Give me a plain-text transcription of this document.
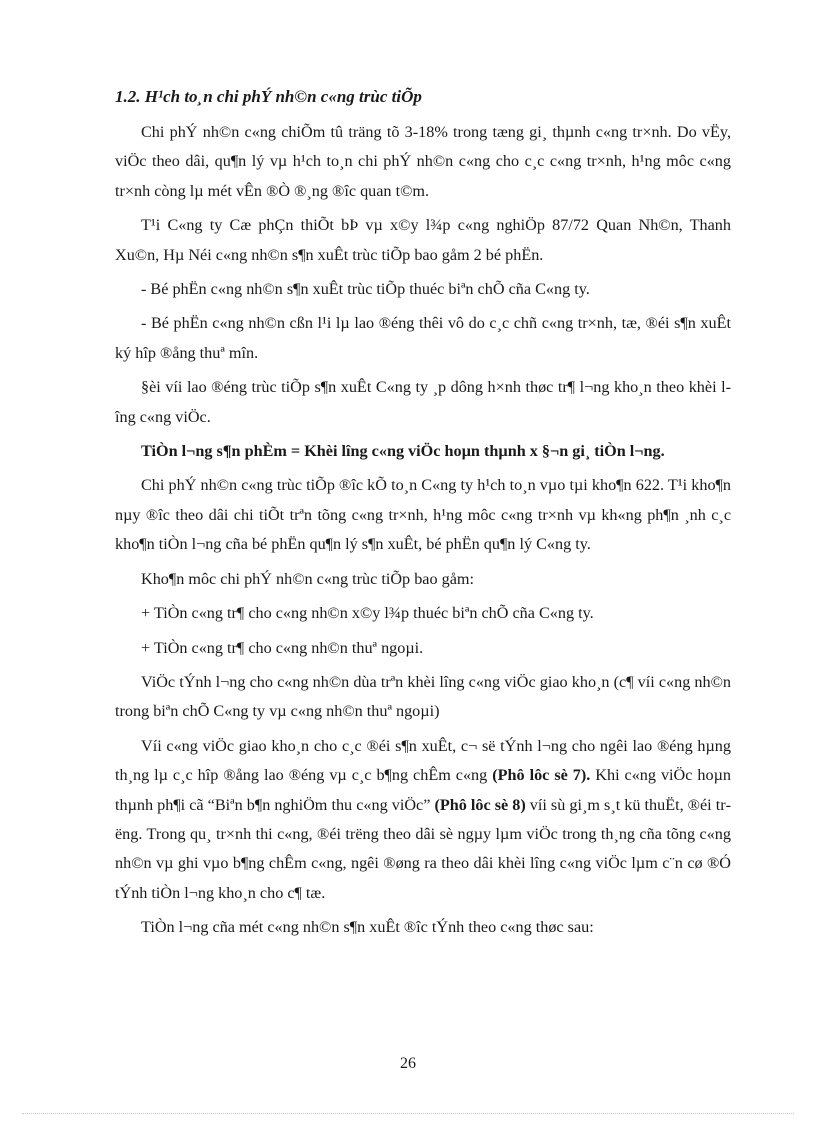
1.2. H¹ch to¸n chi phÝ nh©n c«ng trùc tiÕp

Chi phÝ nh©n c«ng chiÕm tû träng tõ 3-18% trong tæng gi¸ thµnh c«ng tr×nh. Do vËy, viÖc theo dâi, qu¶n lý vµ h¹ch to¸n chi phÝ nh©n c«ng cho c¸c c«ng tr×nh, h¹ng môc c«ng tr×nh còng lµ mét vÊn ®Ò ®¸ng ®îc quan t©m.

T¹i C«ng ty Cæ phÇn thiÕt bÞ vµ x©y l¾p c«ng nghiÖp 87/72 Quan Nh©n, Thanh Xu©n, Hµ Néi c«ng nh©n s¶n xuÊt trùc tiÕp bao gåm 2 bé phËn.

- Bé phËn c«ng nh©n s¶n xuÊt trùc tiÕp thuéc biªn chÕ cña C«ng ty.

- Bé phËn c«ng nh©n cßn l¹i lµ lao ®éng thêi vô do c¸c chñ c«ng tr×nh, tæ, ®éi s¶n xuÊt ký hîp ®ång thuª mîn.

§èi víi lao ®éng trùc tiÕp s¶n xuÊt C«ng ty ¸p dông h×nh thøc tr¶ l¬ng kho¸n theo khèi lîng c«ng viÖc.

TiÒn l¬ng s¶n phÈm = Khèi lîng c«ng viÖc hoµn thµnh x §¬n gi¸ tiÒn l¬ng.

Chi phÝ nh©n c«ng trùc tiÕp ®îc kÕ to¸n C«ng ty h¹ch to¸n vµo tµi kho¶n 622. T¹i kho¶n nµy ®îc theo dâi chi tiÕt trªn tõng c«ng tr×nh, h¹ng môc c«ng tr×nh vµ kh«ng ph¶n ¸nh c¸c kho¶n tiÒn l¬ng cña bé phËn qu¶n lý s¶n xuÊt, bé phËn qu¶n lý C«ng ty.

Kho¶n môc chi phÝ nh©n c«ng trùc tiÕp bao gåm:

+ TiÒn c«ng tr¶ cho c«ng nh©n x©y l¾p thuéc biªn chÕ cña C«ng ty.

+ TiÒn c«ng tr¶ cho c«ng nh©n thuª ngoµi.

ViÖc tÝnh l¬ng cho c«ng nh©n dùa trªn khèi lîng c«ng viÖc giao kho¸n (c¶ víi c«ng nh©n trong biªn chÕ C«ng ty vµ c«ng nh©n thuª ngoµi)

Víi c«ng viÖc giao kho¸n cho c¸c ®éi s¶n xuÊt, c¬ së tÝnh l¬ng cho ngêi lao ®éng hµng th¸ng lµ c¸c hîp ®ång lao ®éng vµ c¸c b¶ng chÊm c«ng (Phô lôc sè 7). Khi c«ng viÖc hoµn thµnh ph¶i cã “Biªn b¶n nghiÖm thu c«ng viÖc” (Phô lôc sè 8) víi sù gi¸m s¸t kü thuËt, ®éi trëng. Trong qu¸ tr×nh thi c«ng, ®éi trëng theo dâi sè ngµy lµm viÖc trong th¸ng cña tõng c«ng nh©n vµ ghi vµo b¶ng chÊm c«ng, ngêi ®øng ra theo dâi khèi lîng c«ng viÖc lµm c¨n cø ®Ó tÝnh tiÒn l¬ng kho¸n cho c¶ tæ.

TiÒn l¬ng cña mét c«ng nh©n s¶n xuÊt ®îc tÝnh theo c«ng thøc sau:

26
